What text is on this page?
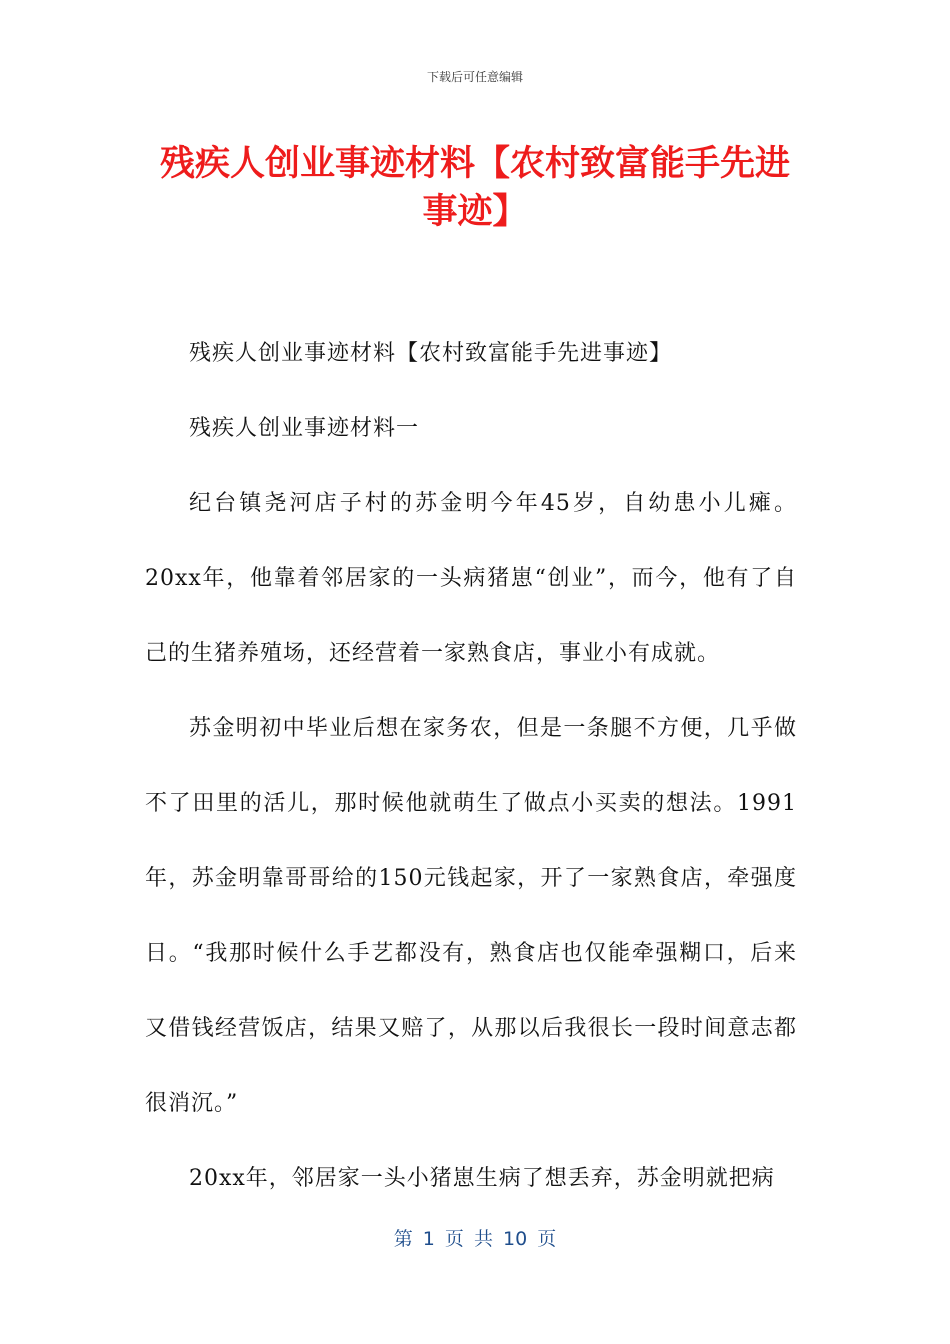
下载后可任意编辑
残疾人创业事迹材料【农村致富能手先进事迹】

残疾人创业事迹材料【农村致富能手先进事迹】

残疾人创业事迹材料一

纪台镇尧河店子村的苏金明今年45岁，自幼患小儿瘫。20xx年，他靠着邻居家的一头病猪崽“创业”，而今，他有了自己的生猪养殖场，还经营着一家熟食店，事业小有成就。

苏金明初中毕业后想在家务农，但是一条腿不方便，几乎做不了田里的活儿，那时候他就萌生了做点小买卖的想法。1991年，苏金明靠哥哥给的150元钱起家，开了一家熟食店，牵强度日。“我那时候什么手艺都没有，熟食店也仅能牵强糊口，后来又借钱经营饭店，结果又赔了，从那以后我很长一段时间意志都很消沉。”

20xx年，邻居家一头小猪崽生病了想丢弃，苏金明就把病

第 1 页 共 10 页
